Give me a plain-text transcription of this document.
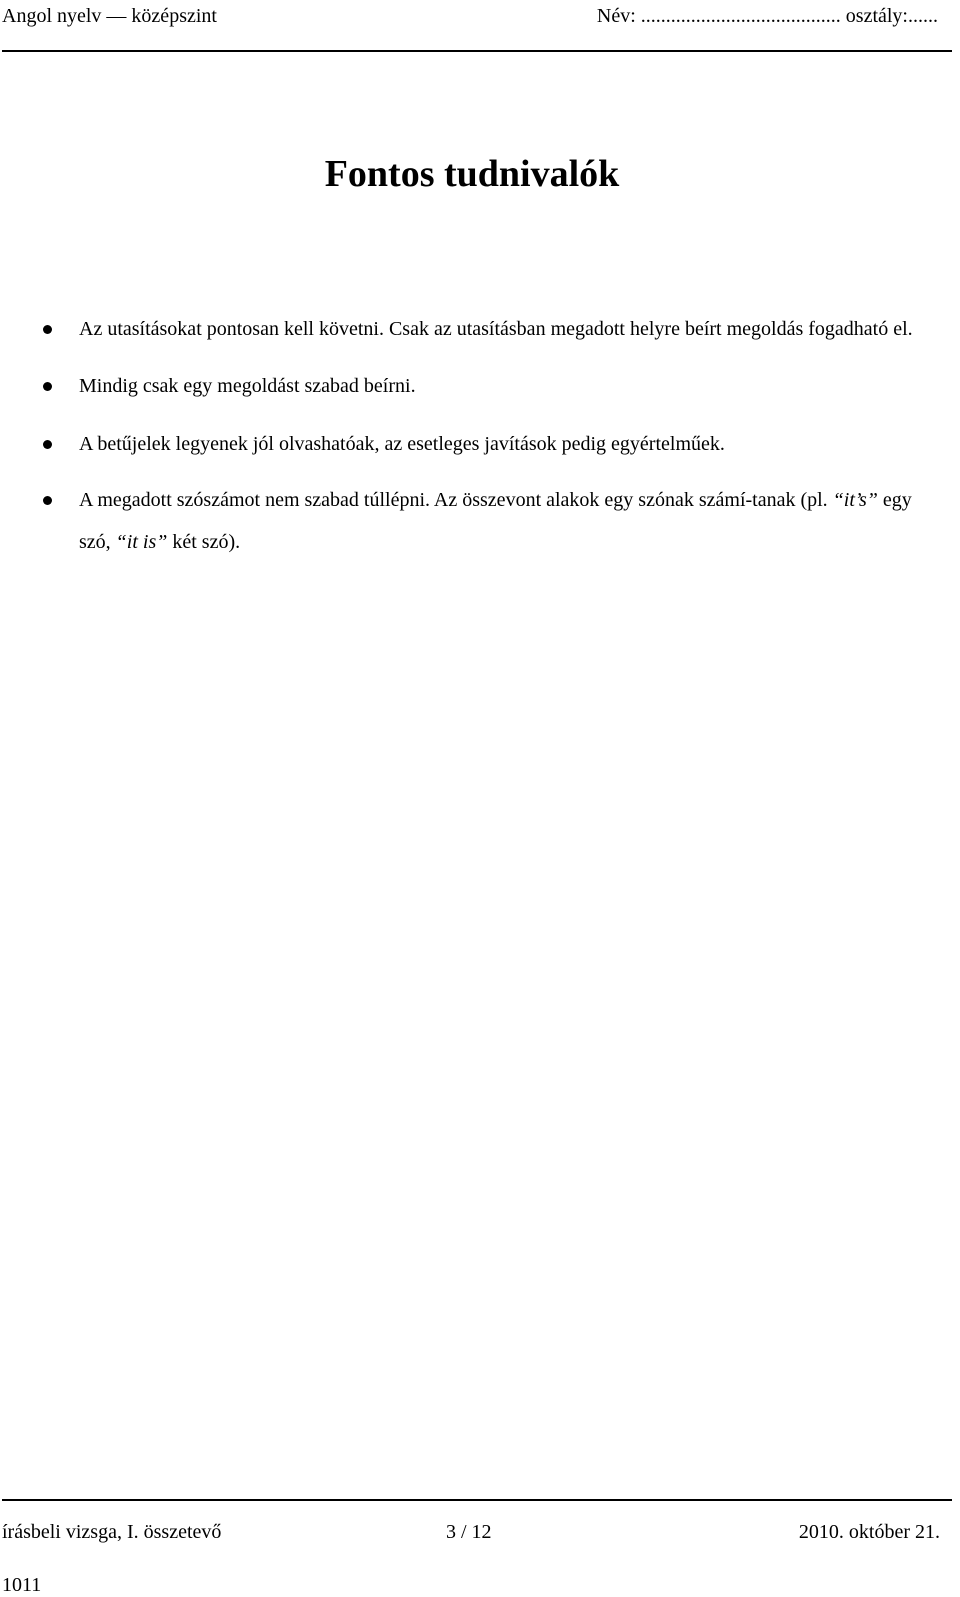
Angol nyelv — középszint	Név: ........................................ osztály:......
Fontos tudnivalók
Az utasításokat pontosan kell követni. Csak az utasításban megadott helyre beírt megoldás fogadható el.
Mindig csak egy megoldást szabad beírni.
A betűjelek legyenek jól olvashatóak, az esetleges javítások pedig egyértelműek.
A megadott szószámot nem szabad túllépni. Az összevont alakok egy szónak számí-tanak (pl. “it’s” egy szó, “it is” két szó).
írásbeli vizsga, I. összetevő	3 / 12	2010. október 21.
1011
